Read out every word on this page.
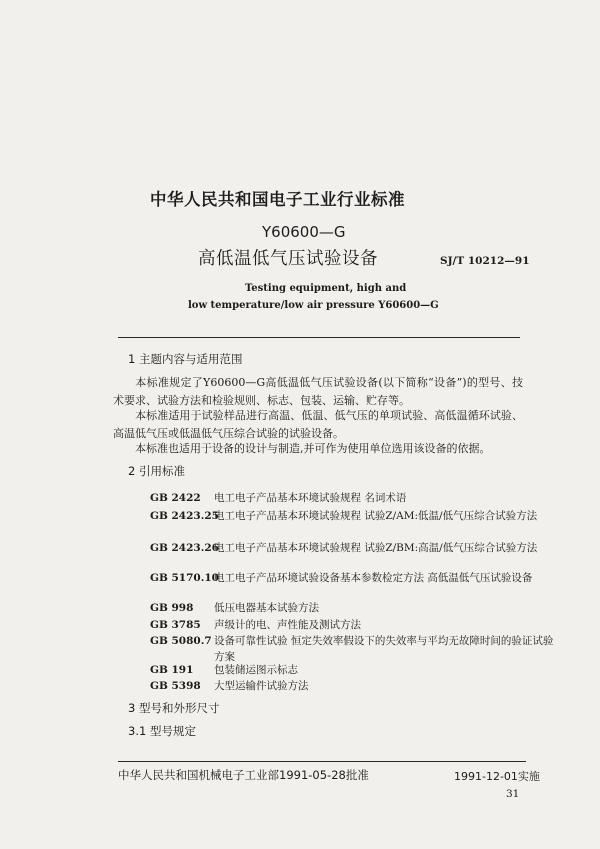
中华人民共和国电子工业行业标准
Y60600—G
高低温低气压试验设备	SJ/T 10212—91
Testing equipment, high and
low temperature/low air pressure Y60600—G
1 主题内容与适用范围
本标准规定了Y60600—G高低温低气压试验设备(以下简称“设备”)的型号、技术要求、试验方法和检验规则、标志、包装、运输、贮存等。
本标准适用于试验样品进行高温、低温、低气压的单项试验、高低温循环试验、高温低气压或低温低气压综合试验的试验设备。
本标准也适用于设备的设计与制造,并可作为使用单位选用该设备的依据。
2 引用标准
GB 2422 电工电子产品基本环境试验规程 名词术语
GB 2423.25
电工电子产品基本环境试验规程 试验Z/AM:低温/低气压综合试验方法
GB 2423.26
电工电子产品基本环境试验规程 试验Z/BM:高温/低气压综合试验方法
GB 5170.10
电工电子产品环境试验设备基本参数检定方法 高低温低气压试验设备
GB 998 低压电器基本试验方法
GB 3785 声级计的电、声性能及测试方法
GB 5080.7 设备可靠性试验 恒定失效率假设下的失效率与平均无故障时间的验证试验方案
GB 191 包装储运图示标志
GB 5398 大型运输件试验方法
3 型号和外形尺寸
3.1 型号规定
中华人民共和国机械电子工业部1991-05-28批准	1991-12-01实施
31
